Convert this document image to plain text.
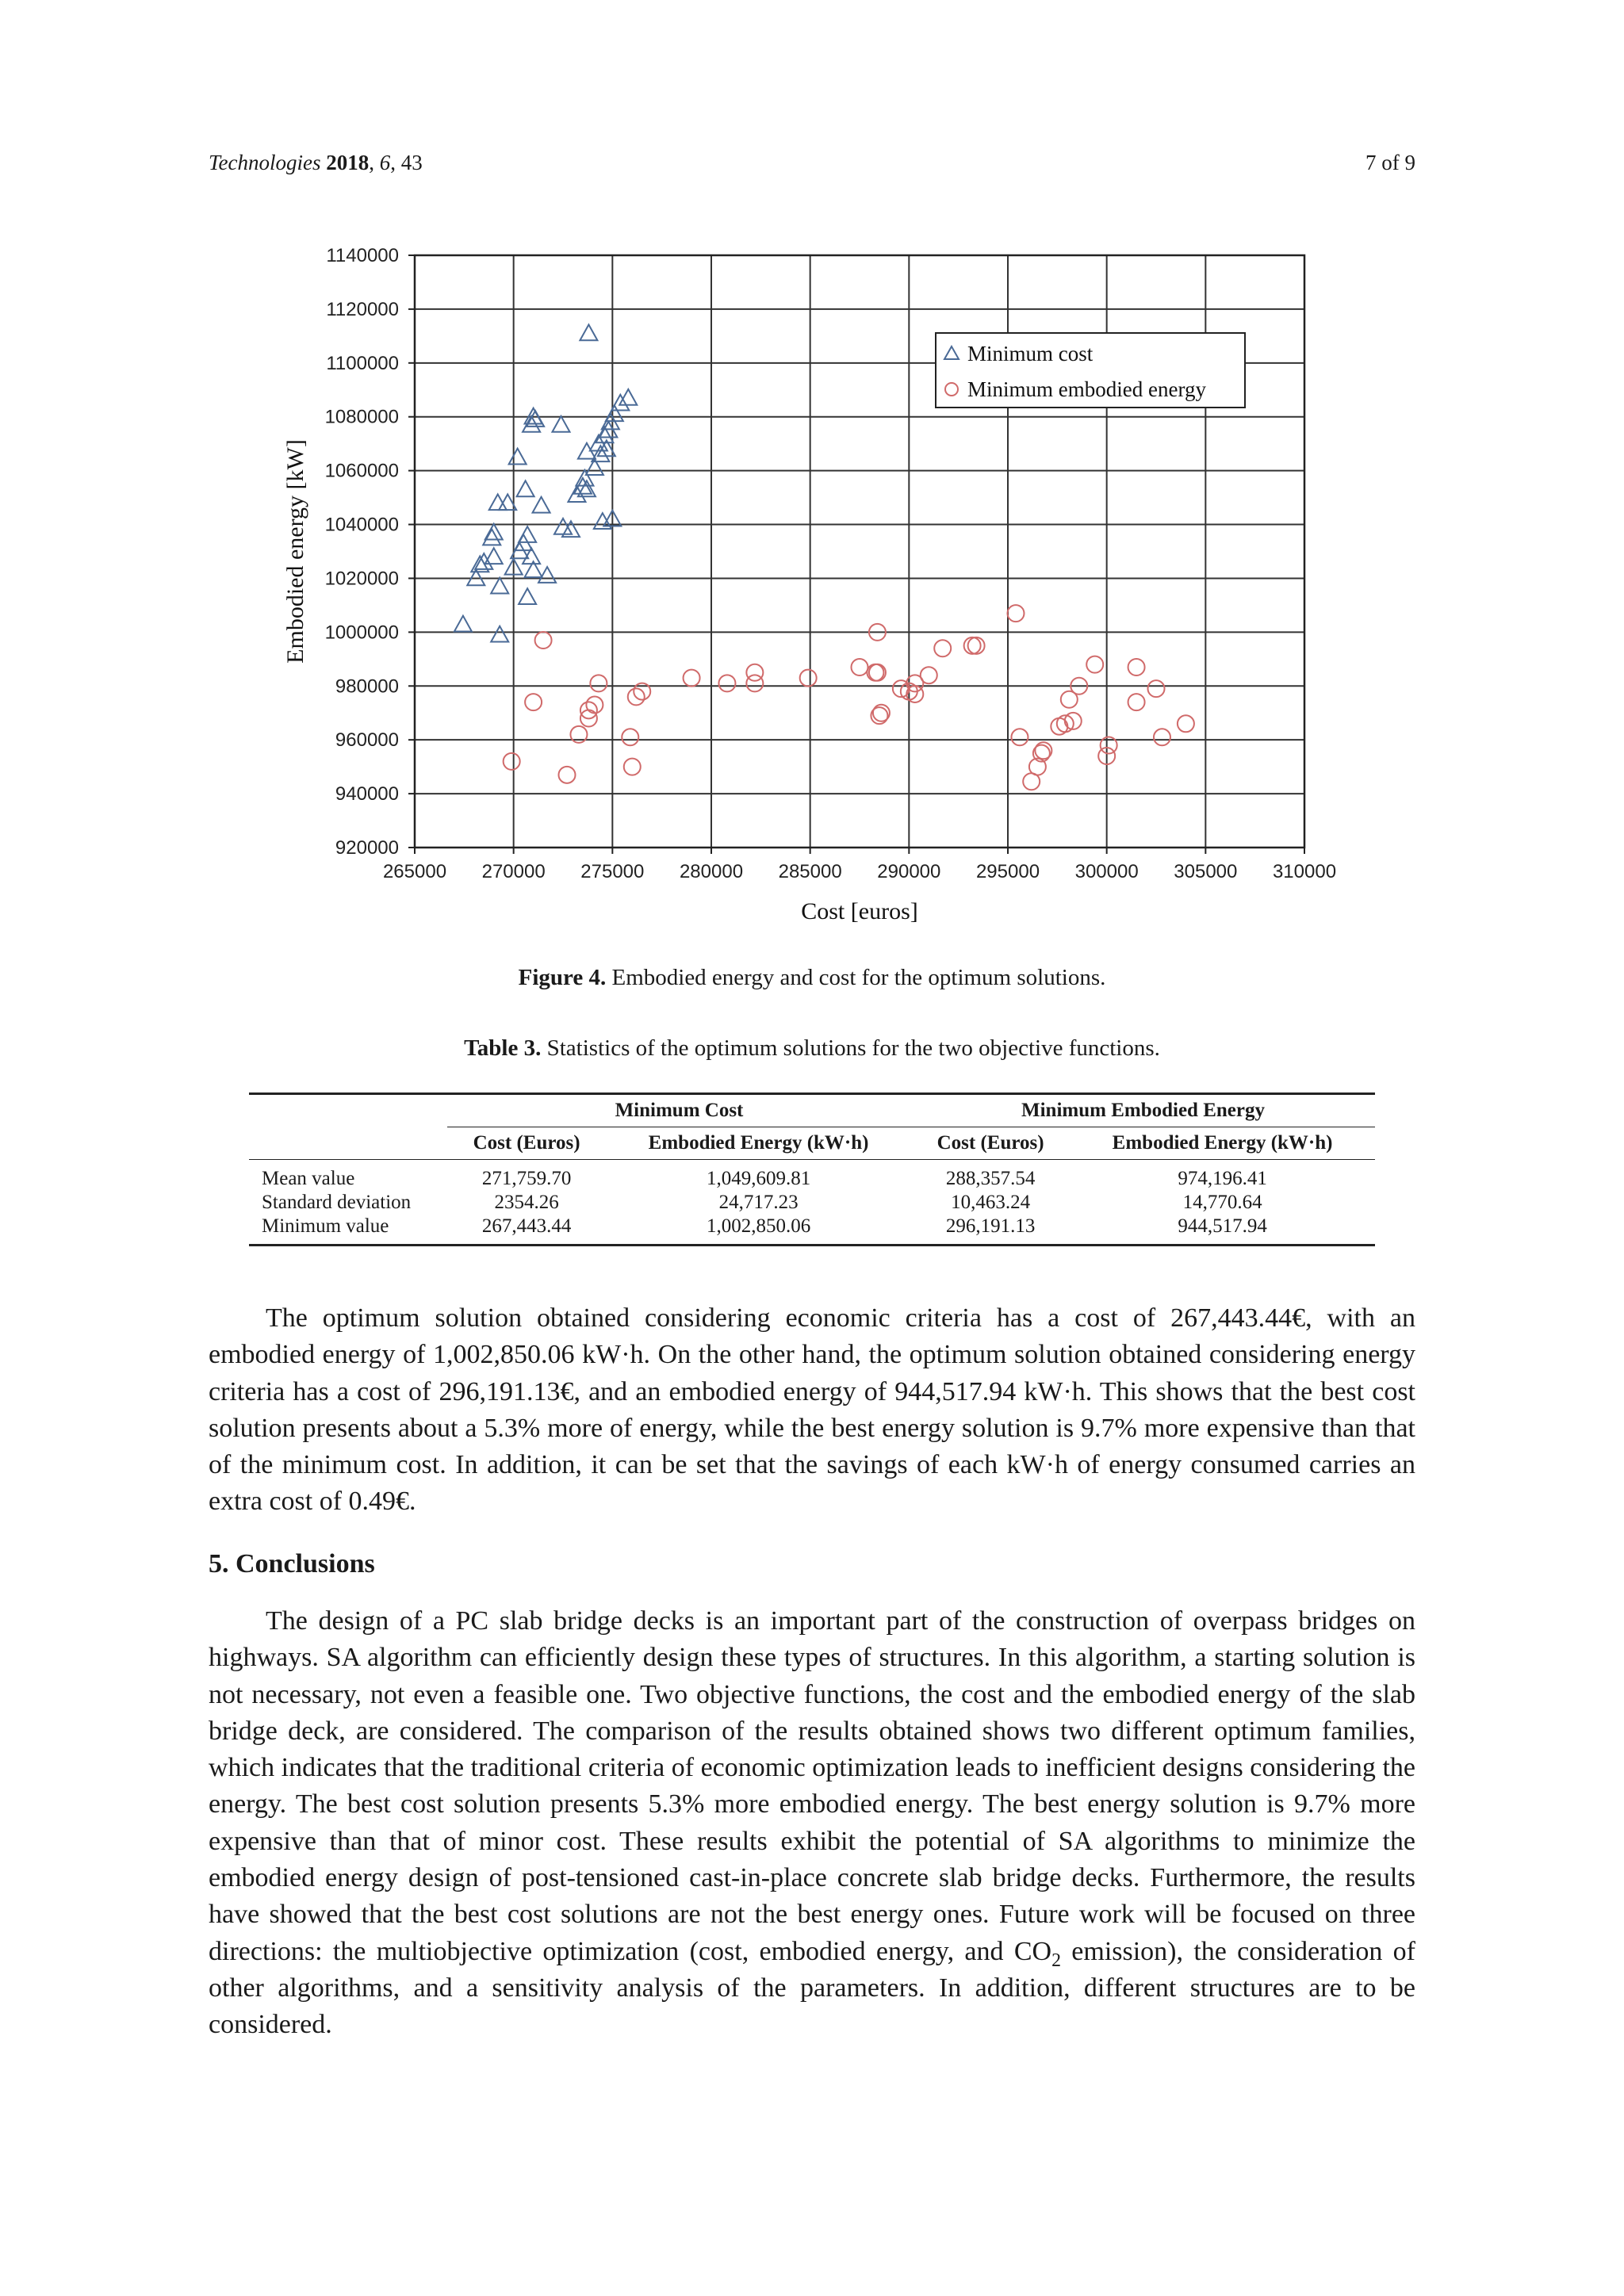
Technologies 2018, 6, 43	7 of 9
265000 270000 275000 280000 285000 290000 295000 300000 305000 310000
920000
940000
960000
980000
1000000
1020000
1040000
1060000
1080000
1100000
1120000
1140000
Cost [euros]
Embodied energy [kW]
Minimum cost
Minimum embodied energy
Figure 4. Embodied energy and cost for the optimum solutions.
Table 3. Statistics of the optimum solutions for the two objective functions.
	Minimum Cost		Minimum Embodied Energy	
	Cost (Euros)	Embodied Energy (kW·h)	Cost (Euros)	Embodied Energy (kW·h)
Mean value	271,759.70	1,049,609.81	288,357.54	974,196.41
Standard deviation	2354.26	24,717.23	10,463.24	14,770.64
Minimum value	267,443.44	1,002,850.06	296,191.13	944,517.94

The optimum solution obtained considering economic criteria has a cost of 267,443.44€, with an embodied energy of 1,002,850.06 kW·h. On the other hand, the optimum solution obtained considering energy criteria has a cost of 296,191.13€, and an embodied energy of 944,517.94 kW·h. This shows that the best cost solution presents about a 5.3% more of energy, while the best energy solution is 9.7% more expensive than that of the minimum cost. In addition, it can be set that the savings of each kW·h of energy consumed carries an extra cost of 0.49€.

5. Conclusions

The design of a PC slab bridge decks is an important part of the construction of overpass bridges on highways. SA algorithm can efficiently design these types of structures. In this algorithm, a starting solution is not necessary, not even a feasible one. Two objective functions, the cost and the embodied energy of the slab bridge deck, are considered. The comparison of the results obtained shows two different optimum families, which indicates that the traditional criteria of economic optimization leads to inefficient designs considering the energy. The best cost solution presents 5.3% more embodied energy. The best energy solution is 9.7% more expensive than that of minor cost. These results exhibit the potential of SA algorithms to minimize the embodied energy design of post-tensioned cast-in-place concrete slab bridge decks. Furthermore, the results have showed that the best cost solutions are not the best energy ones. Future work will be focused on three directions: the multiobjective optimization (cost, embodied energy, and $CO_2$ emission), the consideration of other algorithms, and a sensitivity analysis of the parameters. In addition, different structures are to be considered.
